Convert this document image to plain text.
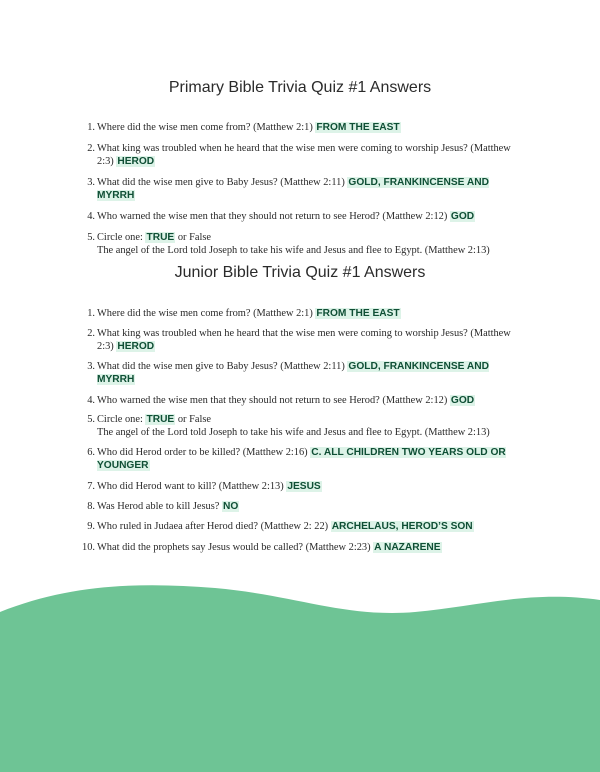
Primary Bible Trivia Quiz #1 Answers
1. Where did the wise men come from? (Matthew 2:1) FROM THE EAST
2. What king was troubled when he heard that the wise men were coming to worship Jesus? (Matthew 2:3) HEROD
3. What did the wise men give to Baby Jesus? (Matthew 2:11) GOLD, FRANKINCENSE AND MYRRH
4. Who warned the wise men that they should not return to see Herod? (Matthew 2:12) GOD
5. Circle one: TRUE or False
The angel of the Lord told Joseph to take his wife and Jesus and flee to Egypt. (Matthew 2:13)
Junior Bible Trivia Quiz #1 Answers
1. Where did the wise men come from? (Matthew 2:1) FROM THE EAST
2. What king was troubled when he heard that the wise men were coming to worship Jesus? (Matthew 2:3) HEROD
3. What did the wise men give to Baby Jesus? (Matthew 2:11) GOLD, FRANKINCENSE AND MYRRH
4. Who warned the wise men that they should not return to see Herod? (Matthew 2:12) GOD
5. Circle one: TRUE or False
The angel of the Lord told Joseph to take his wife and Jesus and flee to Egypt. (Matthew 2:13)
6. Who did Herod order to be killed? (Matthew 2:16) C. ALL CHILDREN TWO YEARS OLD OR YOUNGER
7. Who did Herod want to kill? (Matthew 2:13) JESUS
8. Was Herod able to kill Jesus? NO
9. Who ruled in Judaea after Herod died? (Matthew 2: 22) ARCHELAUS, HEROD’S SON
10. What did the prophets say Jesus would be called? (Matthew 2:23) A NAZARENE
